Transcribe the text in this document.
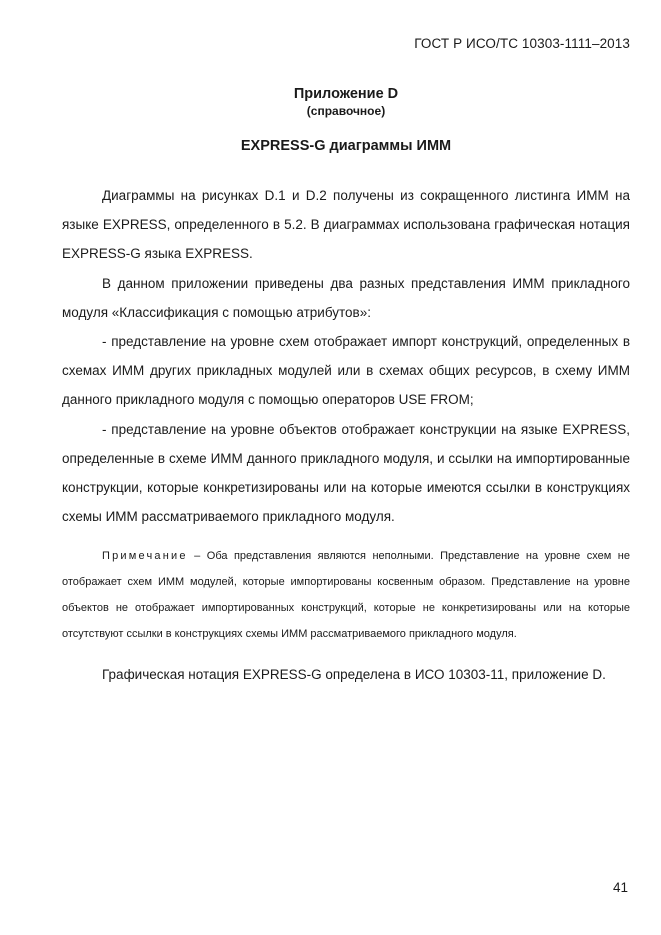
ГОСТ Р ИСО/ТС 10303-1111–2013
Приложение D
(справочное)
EXPRESS-G диаграммы ИММ

Диаграммы на рисунках D.1 и D.2 получены из сокращенного листинга ИММ на языке EXPRESS, определенного в 5.2. В диаграммах использована графическая нотация EXPRESS-G языка EXPRESS.

В данном приложении приведены два разных представления ИММ прикладного модуля «Классификация с помощью атрибутов»:

- представление на уровне схем отображает импорт конструкций, определенных в схемах ИММ других прикладных модулей или в схемах общих ресурсов, в схему ИММ данного прикладного модуля с помощью операторов USE FROM;

- представление на уровне объектов отображает конструкции на языке EXPRESS, определенные в схеме ИММ данного прикладного модуля, и ссылки на импортированные конструкции, которые конкретизированы или на которые имеются ссылки в конструкциях схемы ИММ рассматриваемого прикладного модуля.

Примечание – Оба представления являются неполными. Представление на уровне схем не отображает схем ИММ модулей, которые импортированы косвенным образом. Представление на уровне объектов не отображает импортированных конструкций, которые не конкретизированы или на которые отсутствуют ссылки в конструкциях схемы ИММ рассматриваемого прикладного модуля.

Графическая нотация EXPRESS-G определена в ИСО 10303-11, приложение D.

41
